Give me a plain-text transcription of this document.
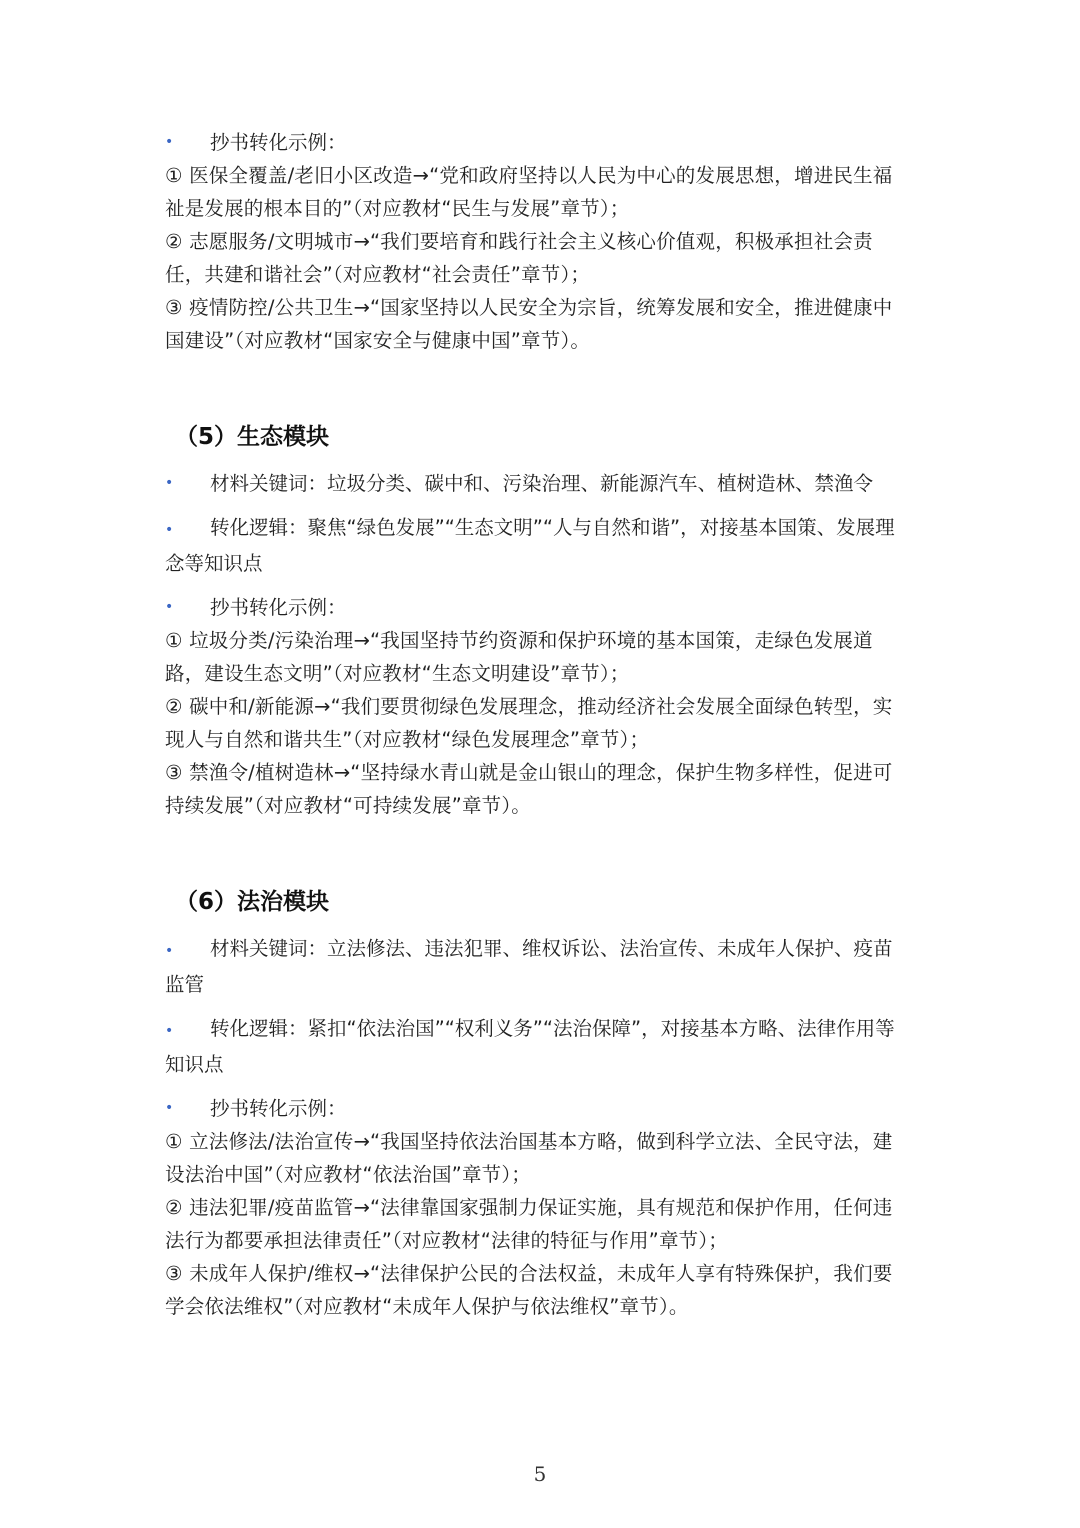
• 抄书转化示例：

① 医保全覆盖/老旧小区改造→“党和政府坚持以人民为中心的发展思想，增进民生福祉是发展的根本目的”（对应教材“民生与发展”章节）；

② 志愿服务/文明城市→“我们要培育和践行社会主义核心价值观，积极承担社会责任，共建和谐社会”（对应教材“社会责任”章节）；

③ 疫情防控/公共卫生→“国家坚持以人民安全为宗旨，统筹发展和安全，推进健康中国建设”（对应教材“国家安全与健康中国”章节）。

（5）生态模块

• 材料关键词：垃圾分类、碳中和、污染治理、新能源汽车、植树造林、禁渔令

• 转化逻辑：聚焦“绿色发展”“生态文明”“人与自然和谐”，对接基本国策、发展理念等知识点

• 抄书转化示例：

① 垃圾分类/污染治理→“我国坚持节约资源和保护环境的基本国策，走绿色发展道路，建设生态文明”（对应教材“生态文明建设”章节）；

② 碳中和/新能源→“我们要贯彻绿色发展理念，推动经济社会发展全面绿色转型，实现人与自然和谐共生”（对应教材“绿色发展理念”章节）；

③ 禁渔令/植树造林→“坚持绿水青山就是金山银山的理念，保护生物多样性，促进可持续发展”（对应教材“可持续发展”章节）。

（6）法治模块

• 材料关键词：立法修法、违法犯罪、维权诉讼、法治宣传、未成年人保护、疫苗监管

• 转化逻辑：紧扣“依法治国”“权利义务”“法治保障”，对接基本方略、法律作用等知识点

• 抄书转化示例：

① 立法修法/法治宣传→“我国坚持依法治国基本方略，做到科学立法、全民守法，建设法治中国”（对应教材“依法治国”章节）；

② 违法犯罪/疫苗监管→“法律靠国家强制力保证实施，具有规范和保护作用，任何违法行为都要承担法律责任”（对应教材“法律的特征与作用”章节）；

③ 未成年人保护/维权→“法律保护公民的合法权益，未成年人享有特殊保护，我们要学会依法维权”（对应教材“未成年人保护与依法维权”章节）。

5
